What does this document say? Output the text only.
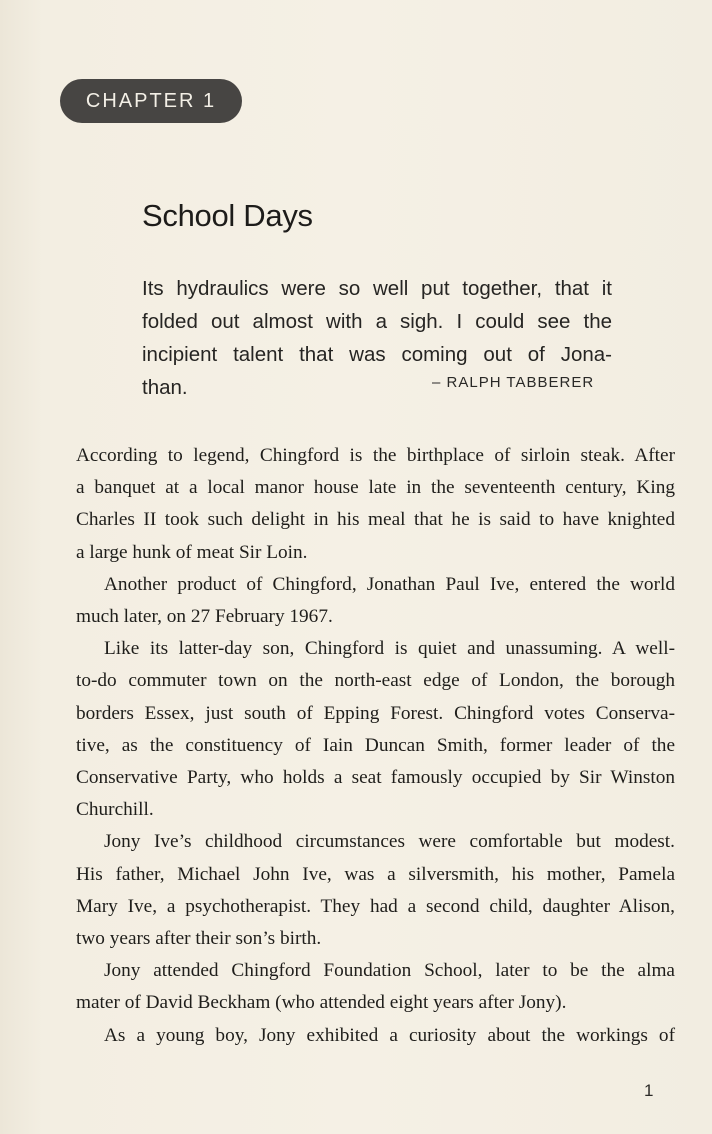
CHAPTER 1
School Days

Its hydraulics were so well put together, that it
folded out almost with a sigh. I could see the
incipient talent that was coming out of Jona-
than.	– RALPH TABBERER

According to legend, Chingford is the birthplace of sirloin steak. After
a banquet at a local manor house late in the seventeenth century, King
Charles II took such delight in his meal that he is said to have knighted
a large hunk of meat Sir Loin.

Another product of Chingford, Jonathan Paul Ive, entered the world
much later, on 27 February 1967.

Like its latter-day son, Chingford is quiet and unassuming. A well-
to-do commuter town on the north-east edge of London, the borough
borders Essex, just south of Epping Forest. Chingford votes Conserva-
tive, as the constituency of Iain Duncan Smith, former leader of the
Conservative Party, who holds a seat famously occupied by Sir Winston
Churchill.

Jony Ive’s childhood circumstances were comfortable but modest.
His father, Michael John Ive, was a silversmith, his mother, Pamela
Mary Ive, a psychotherapist. They had a second child, daughter Alison,
two years after their son’s birth.

Jony attended Chingford Foundation School, later to be the alma
mater of David Beckham (who attended eight years after Jony).

As a young boy, Jony exhibited a curiosity about the workings of

1
